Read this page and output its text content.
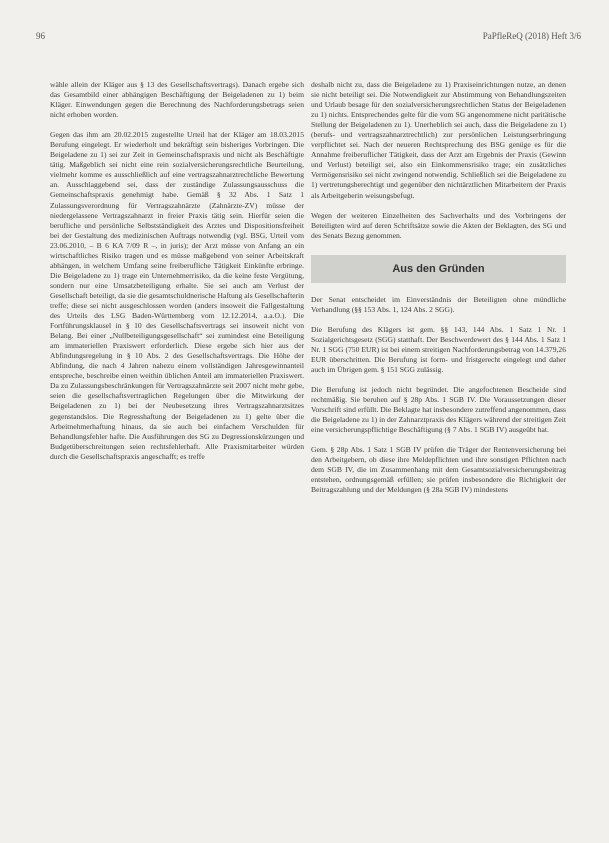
96	PaPfleReQ (2018) Heft 3/6

wähle allein der Kläger aus § 13 des Gesellschaftsvertrags). Danach ergebe sich das Gesamtbild einer abhängigen Beschäftigung der Beigeladenen zu 1) beim Kläger. Einwendungen gegen die Berechnung des Nachforderungsbetrags seien nicht erhoben worden.

Gegen das ihm am 20.02.2015 zugestellte Urteil hat der Kläger am 18.03.2015 Berufung eingelegt. Er wiederholt und bekräftigt sein bisheriges Vorbringen. Die Beigeladene zu 1) sei zur Zeit in Gemeinschaftspraxis und nicht als Beschäftigte tätig. Maßgeblich sei nicht eine rein sozialversicherungsrechtliche Beurteilung, vielmehr komme es ausschließlich auf eine vertragszahnarztrechtliche Bewertung an. Ausschlaggebend sei, dass der zuständige Zulassungsausschuss die Gemeinschaftspraxis genehmigt habe. Gemäß § 32 Abs. 1 Satz 1 Zulassungsverordnung für Vertragszahnärzte (Zahnärzte-ZV) müsse der niedergelassene Vertragszahnarzt in freier Praxis tätig sein. Hierfür seien die berufliche und persönliche Selbstständigkeit des Arztes und Dispositionsfreiheit bei der Gestaltung des medizinischen Auftrags notwendig (vgl. BSG, Urteil vom 23.06.2010, – B 6 KA 7/09 R –, in juris); der Arzt müsse von Anfang an ein wirtschaftliches Risiko tragen und es müsse maßgebend von seiner Arbeitskraft abhängen, in welchem Umfang seine freiberufliche Tätigkeit Einkünfte erbringe. Die Beigeladene zu 1) trage ein Unternehmerrisiko, da die keine feste Vergütung, sondern nur eine Umsatzbeteiligung erhalte. Sie sei auch am Verlust der Gesellschaft beteiligt, da sie die gesamtschuldnerische Haftung als Gesellschafterin treffe; diese sei nicht ausgeschlossen worden (anders insoweit die Fallgestaltung des Urteils des LSG Baden-Württemberg vom 12.12.2014, a.a.O.). Die Fortführungsklausel in § 10 des Gesellschaftsvertrags sei insoweit nicht von Belang. Bei einer „Nullbeteiligungsgesellschaft“ sei zumindest eine Beteiligung am immateriellen Praxiswert erforderlich. Diese ergebe sich hier aus der Abfindungsregelung in § 10 Abs. 2 des Gesellschaftsvertrags. Die Höhe der Abfindung, die nach 4 Jahren nahezu einem vollständigen Jahresgewinnanteil entspreche, beschreibe einen weithin üblichen Anteil am immateriellen Praxiswert. Da zu Zulassungsbeschränkungen für Vertragszahnärzte seit 2007 nicht mehr gebe, seien die gesellschaftsvertraglichen Regelungen über die Mitwirkung der Beigeladenen zu 1) bei der Neubesetzung ihres Vertragszahnarztsitzes gegenstandslos. Die Regresshaftung der Beigeladenen zu 1) gelte über die Arbeitnehmerhaftung hinaus, da sie auch bei einfachem Verschulden für Behandlungsfehler hafte. Die Ausführungen des SG zu Degressionskürzungen und Budgetüberschreitungen seien rechtsfehlerhaft. Alle Praxismitarbeiter würden durch die Gesellschaftspraxis angeschafft; es treffe

deshalb nicht zu, dass die Beigeladene zu 1) Praxiseinrichtungen nutze, an denen sie nicht beteiligt sei. Die Notwendigkeit zur Abstimmung von Behandlungszeiten und Urlaub besage für den sozialversicherungsrechtlichen Status der Beigeladenen zu 1) nichts. Entsprechendes gelte für die vom SG angenommene nicht paritätische Stellung der Beigeladenen zu 1). Unerheblich sei auch, dass die Beigeladene zu 1) (berufs- und vertragszahnarztrechtlich) zur persönlichen Leistungserbringung verpflichtet sei. Nach der neueren Rechtsprechung des BSG genüge es für die Annahme freiberuflicher Tätigkeit, dass der Arzt am Ergebnis der Praxis (Gewinn und Verlust) beteiligt sei, also ein Einkommensrisiko trage; ein zusätzliches Vermögensrisiko sei nicht zwingend notwendig. Schließlich sei die Beigeladene zu 1) vertretungsberechtigt und gegenüber den nichtärztlichen Mitarbeitern der Praxis als Arbeitgeberin weisungsbefugt.

Wegen der weiteren Einzelheiten des Sachverhalts und des Vorbringens der Beteiligten wird auf deren Schriftsätze sowie die Akten der Beklagten, des SG und des Senats Bezug genommen.

Aus den Gründen

Der Senat entscheidet im Einverständnis der Beteiligten ohne mündliche Verhandlung (§§ 153 Abs. 1, 124 Abs. 2 SGG).

Die Berufung des Klägers ist gem. §§ 143, 144 Abs. 1 Satz 1 Nr. 1 Sozialgerichtsgesetz (SGG) statthaft. Der Beschwerdewert des § 144 Abs. 1 Satz 1 Nr. 1 SGG (750 EUR) ist bei einem streitigen Nachforderungsbetrag von 14.379,26 EUR überschritten. Die Berufung ist form- und fristgerecht eingelegt und daher auch im Übrigen gem. § 151 SGG zulässig.

Die Berufung ist jedoch nicht begründet. Die angefochtenen Bescheide sind rechtmäßig. Sie beruhen auf § 28p Abs. 1 SGB IV. Die Voraussetzungen dieser Vorschrift sind erfüllt. Die Beklagte hat insbesondere zutreffend angenommen, dass die Beigeladene zu 1) in der Zahnarztpraxis des Klägers während der streitigen Zeit eine versicherungspflichtige Beschäftigung (§ 7 Abs. 1 SGB IV) ausgeübt hat.

Gem. § 28p Abs. 1 Satz 1 SGB IV prüfen die Träger der Rentenversicherung bei den Arbeitgebern, ob diese ihre Meldepflichten und ihre sonstigen Pflichten nach dem SGB IV, die im Zusammenhang mit dem Gesamtsozialversicherungsbeitrag entstehen, ordnungsgemäß erfüllen; sie prüfen insbesondere die Richtigkeit der Beitragszahlung und der Meldungen (§ 28a SGB IV) mindestens
